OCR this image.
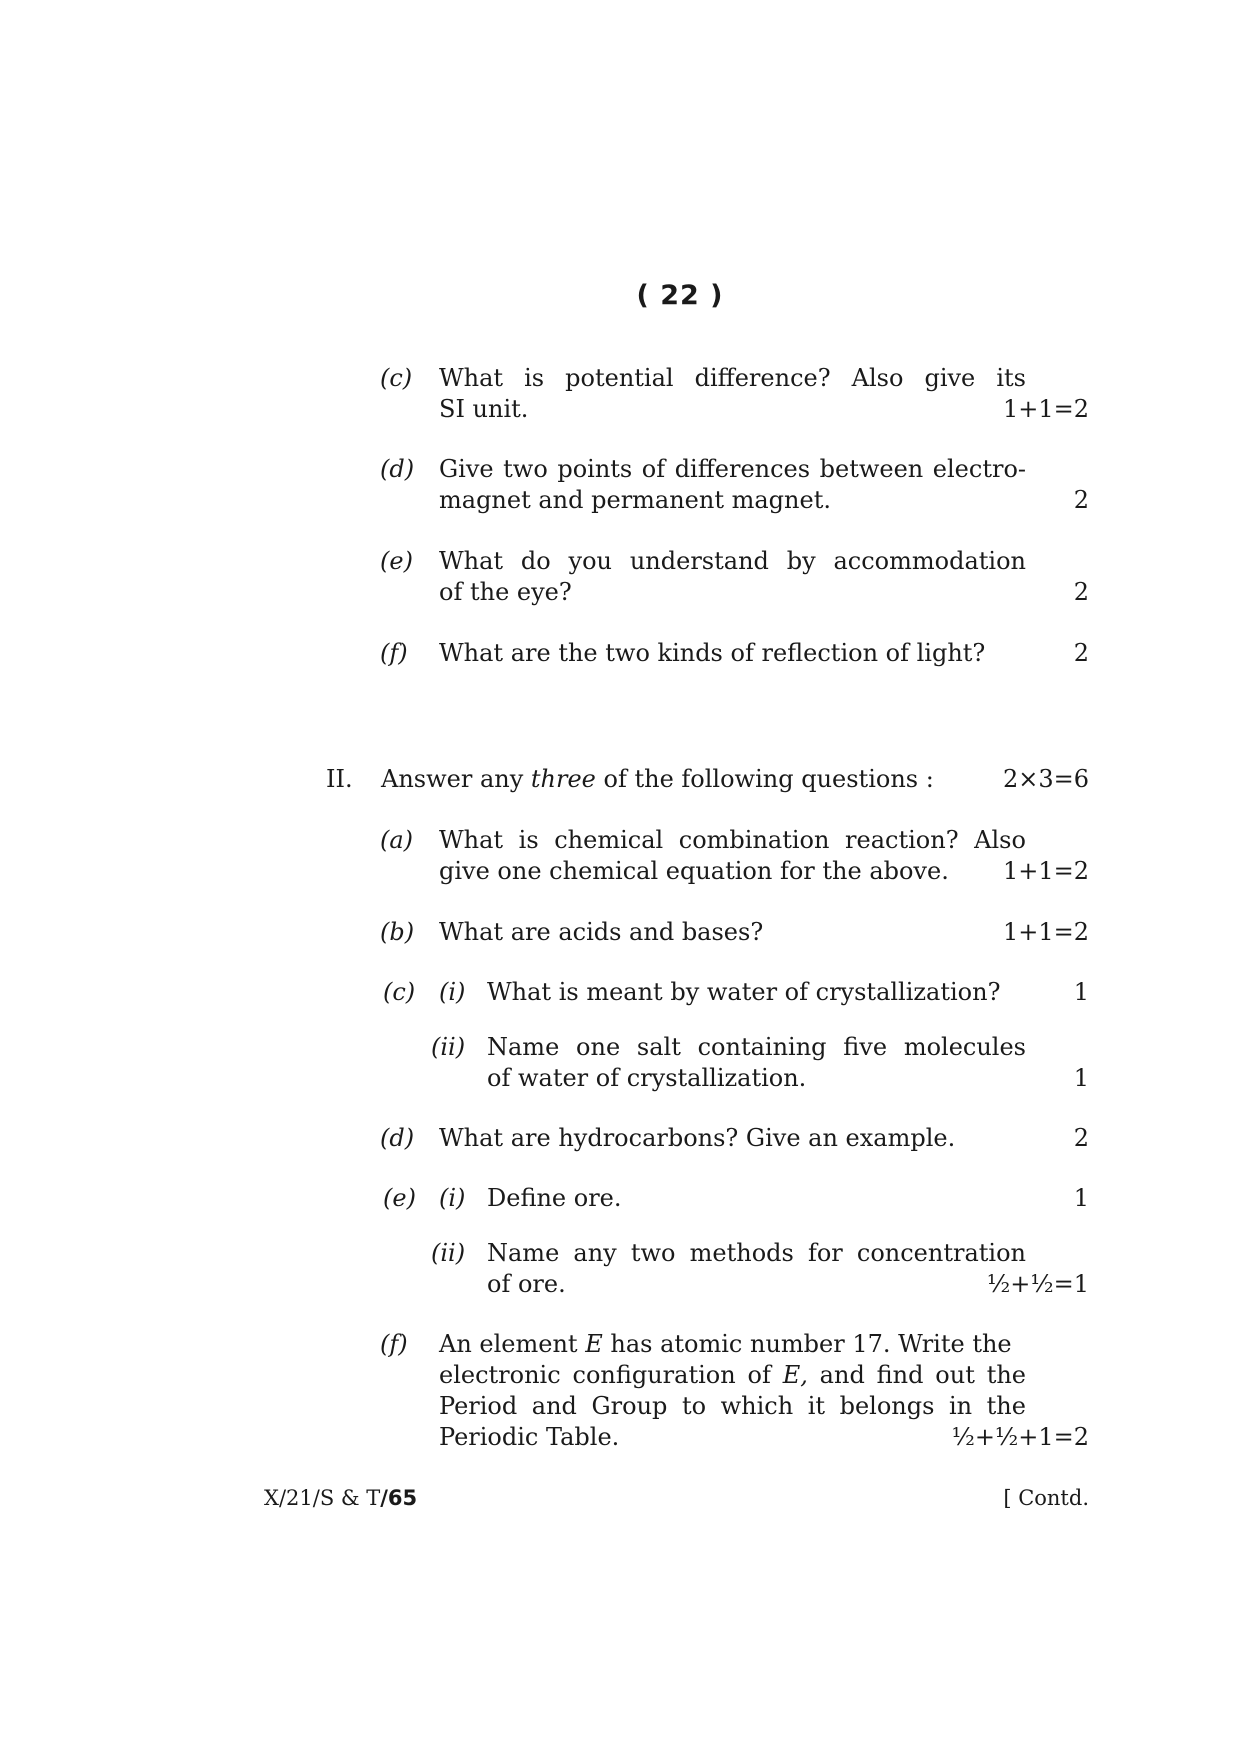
( 22 )
(c) What is potential difference? Also give its
SI unit.	1+1=2
(d) Give two points of differences between electro-
magnet and permanent magnet.	2
(e) What do you understand by accommodation
of the eye?	2
(f) What are the two kinds of reflection of light?	2
II. Answer any three of the following questions :	2×3=6
(a) What is chemical combination reaction? Also
give one chemical equation for the above. 1+1=2
(b) What are acids and bases?	1+1=2
(c) (i) What is meant by water of crystallization?	1
(ii) Name one salt containing five molecules
of water of crystallization.	1
(d) What are hydrocarbons? Give an example.	2
(e) (i) Define ore.	1
(ii) Name any two methods for concentration
of ore.	½+½=1
(f) An element E has atomic number 17. Write the
electronic configuration of E, and find out the
Period and Group to which it belongs in the
Periodic Table.	½+½+1=2
X/21/S & T/65	[ Contd.
